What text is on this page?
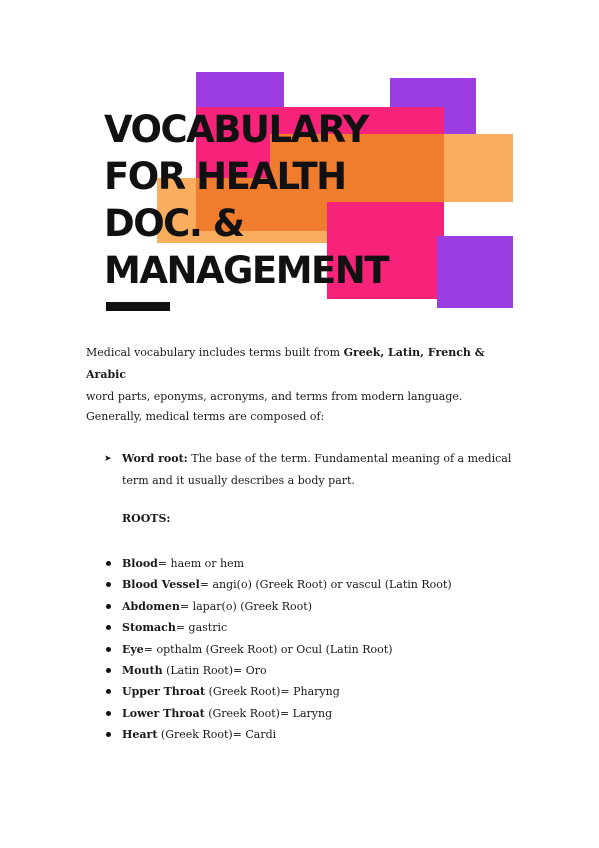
VOCABULARY
FOR HEALTH
DOC. &
MANAGEMENT

Medical vocabulary includes terms built from Greek, Latin, French & Arabic
word parts, eponyms, acronyms, and terms from modern language.

Generally, medical terms are composed of:

➤ Word root: The base of the term. Fundamental meaning of a medical term and it usually describes a body part.
ROOTS:
Blood= haem or hem
Blood Vessel= angi(o) (Greek Root) or vascul (Latin Root)
Abdomen= lapar(o) (Greek Root)
Stomach= gastric
Eye= opthalm (Greek Root) or Ocul (Latin Root)
Mouth (Latin Root)= Oro
Upper Throat (Greek Root)= Pharyng
Lower Throat (Greek Root)= Laryng
Heart (Greek Root)= Cardi
